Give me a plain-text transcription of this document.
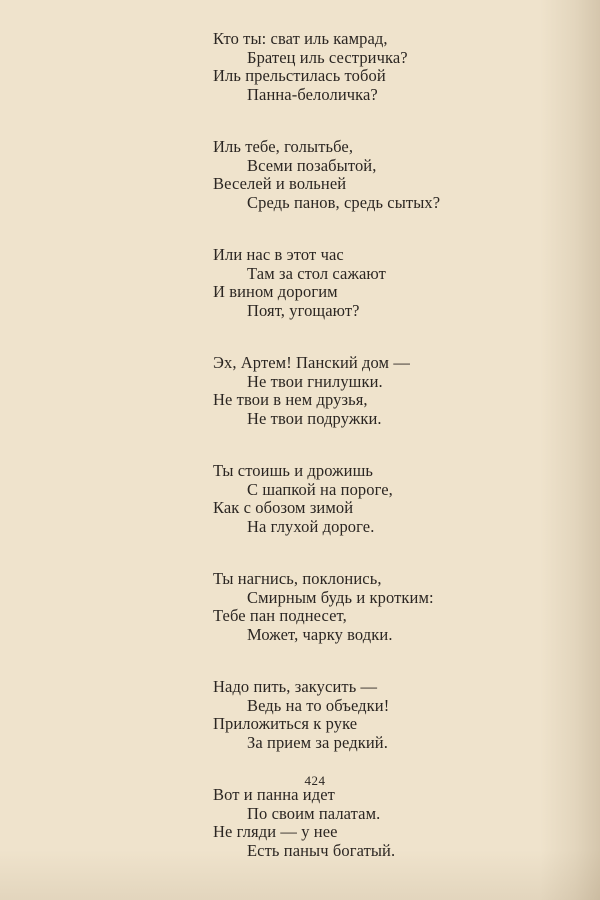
Кто ты: сват иль камрад,
Братец иль сестричка?
Иль прельстилась тобой
Панна-белоличка?
Иль тебе, голытьбе,
Всеми позабытой,
Веселей и вольней
Средь панов, средь сытых?
Или нас в этот час
Там за стол сажают
И вином дорогим
Поят, угощают?
Эх, Артем! Панский дом —
Не твои гнилушки.
Не твои в нем друзья,
Не твои подружки.
Ты стоишь и дрожишь
С шапкой на пороге,
Как с обозом зимой
На глухой дороге.
Ты нагнись, поклонись,
Смирным будь и кротким:
Тебе пан поднесет,
Может, чарку водки.
Надо пить, закусить —
Ведь на то объедки!
Приложиться к руке
За прием за редкий.
Вот и панна идет
По своим палатам.
Не гляди — у нее
Есть паныч богатый.
424
